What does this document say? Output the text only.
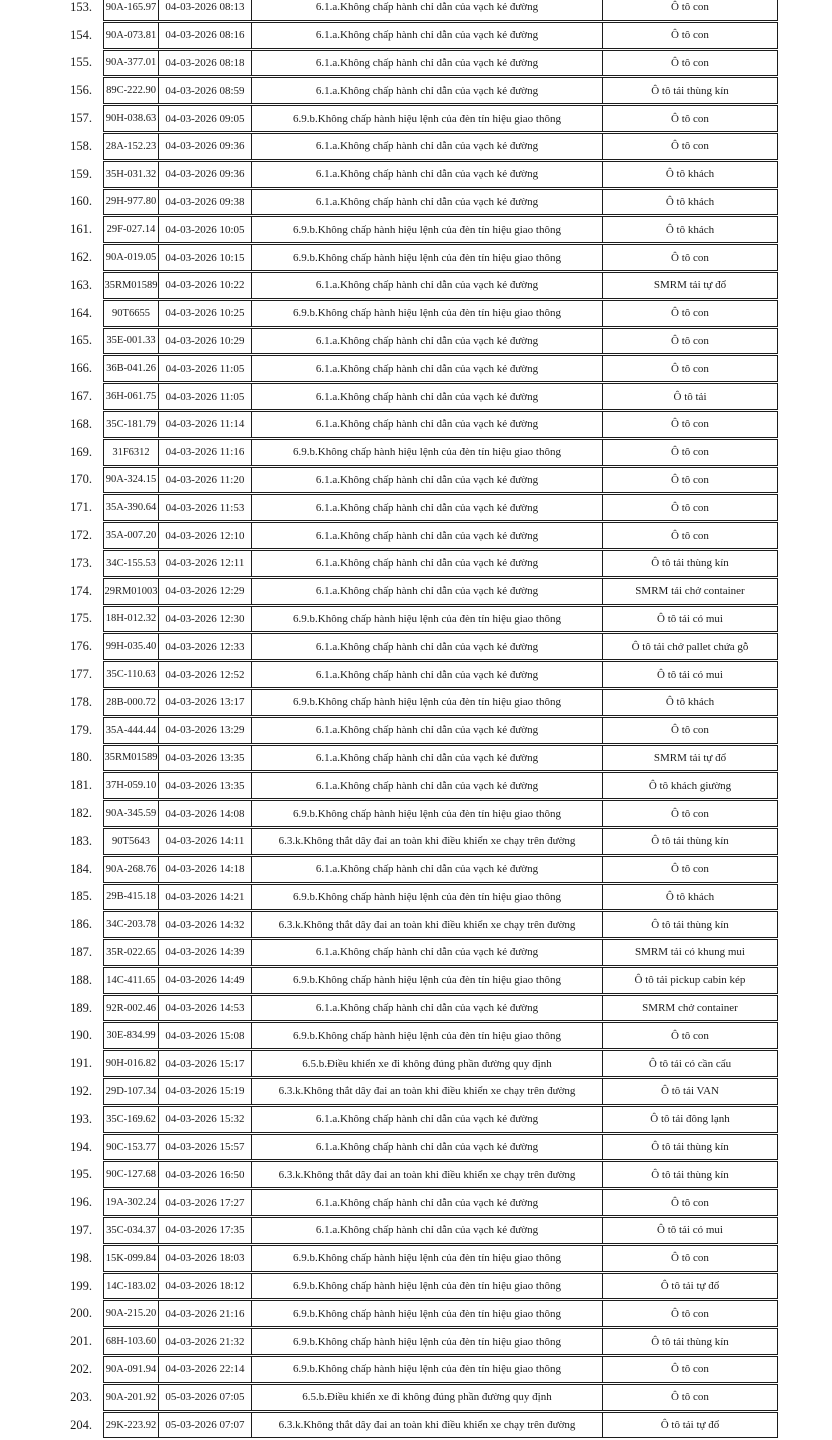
153.	90A-165.97 04-03-2026 08:13	6.1.a.Không chấp hành chỉ dẫn của vạch kẻ đường	Ô tô con
154.	90A-073.81 04-03-2026 08:16	6.1.a.Không chấp hành chỉ dẫn của vạch kẻ đường	Ô tô con
155.	90A-377.01 04-03-2026 08:18	6.1.a.Không chấp hành chỉ dẫn của vạch kẻ đường	Ô tô con
156.	89C-222.90 04-03-2026 08:59	6.1.a.Không chấp hành chỉ dẫn của vạch kẻ đường	Ô tô tải thùng kín
157.	90H-038.63 04-03-2026 09:05	6.9.b.Không chấp hành hiệu lệnh của đèn tín hiệu giao thông	Ô tô con
158.	28A-152.23 04-03-2026 09:36	6.1.a.Không chấp hành chỉ dẫn của vạch kẻ đường	Ô tô con
159.	35H-031.32 04-03-2026 09:36	6.1.a.Không chấp hành chỉ dẫn của vạch kẻ đường	Ô tô khách
160.	29H-977.80 04-03-2026 09:38	6.1.a.Không chấp hành chỉ dẫn của vạch kẻ đường	Ô tô khách
161.	29F-027.14 04-03-2026 10:05	6.9.b.Không chấp hành hiệu lệnh của đèn tín hiệu giao thông	Ô tô khách
162.	90A-019.05 04-03-2026 10:15	6.9.b.Không chấp hành hiệu lệnh của đèn tín hiệu giao thông	Ô tô con
163.	35RM01589 04-03-2026 10:22	6.1.a.Không chấp hành chỉ dẫn của vạch kẻ đường	SMRM tải tự đổ
164.	90T6655	04-03-2026 10:25	6.9.b.Không chấp hành hiệu lệnh của đèn tín hiệu giao thông	Ô tô con
165.	35E-001.33 04-03-2026 10:29	6.1.a.Không chấp hành chỉ dẫn của vạch kẻ đường	Ô tô con
166.	36B-041.26 04-03-2026 11:05	6.1.a.Không chấp hành chỉ dẫn của vạch kẻ đường	Ô tô con
167.	36H-061.75 04-03-2026 11:05	6.1.a.Không chấp hành chỉ dẫn của vạch kẻ đường	Ô tô tải
168.	35C-181.79 04-03-2026 11:14	6.1.a.Không chấp hành chỉ dẫn của vạch kẻ đường	Ô tô con
169.	31F6312	04-03-2026 11:16	6.9.b.Không chấp hành hiệu lệnh của đèn tín hiệu giao thông	Ô tô con
170.	90A-324.15 04-03-2026 11:20	6.1.a.Không chấp hành chỉ dẫn của vạch kẻ đường	Ô tô con
171.	35A-390.64 04-03-2026 11:53	6.1.a.Không chấp hành chỉ dẫn của vạch kẻ đường	Ô tô con
172.	35A-007.20 04-03-2026 12:10	6.1.a.Không chấp hành chỉ dẫn của vạch kẻ đường	Ô tô con
173.	34C-155.53 04-03-2026 12:11	6.1.a.Không chấp hành chỉ dẫn của vạch kẻ đường	Ô tô tải thùng kín
174.	29RM01003 04-03-2026 12:29	6.1.a.Không chấp hành chỉ dẫn của vạch kẻ đường	SMRM tải chở container
175.	18H-012.32 04-03-2026 12:30	6.9.b.Không chấp hành hiệu lệnh của đèn tín hiệu giao thông	Ô tô tải có mui
176.	99H-035.40 04-03-2026 12:33	6.1.a.Không chấp hành chỉ dẫn của vạch kẻ đường	Ô tô tải chở pallet chứa gỗ
177.	35C-110.63 04-03-2026 12:52	6.1.a.Không chấp hành chỉ dẫn của vạch kẻ đường	Ô tô tải có mui
178.	28B-000.72 04-03-2026 13:17	6.9.b.Không chấp hành hiệu lệnh của đèn tín hiệu giao thông	Ô tô khách
179.	35A-444.44 04-03-2026 13:29	6.1.a.Không chấp hành chỉ dẫn của vạch kẻ đường	Ô tô con
180.	35RM01589 04-03-2026 13:35	6.1.a.Không chấp hành chỉ dẫn của vạch kẻ đường	SMRM tải tự đổ
181.	37H-059.10 04-03-2026 13:35	6.1.a.Không chấp hành chỉ dẫn của vạch kẻ đường	Ô tô khách giường
182.	90A-345.59 04-03-2026 14:08	6.9.b.Không chấp hành hiệu lệnh của đèn tín hiệu giao thông	Ô tô con
183.	90T5643	04-03-2026 14:11	6.3.k.Không thắt dây đai an toàn khi điều khiển xe chạy trên đường	Ô tô tải thùng kín
184.	90A-268.76 04-03-2026 14:18	6.1.a.Không chấp hành chỉ dẫn của vạch kẻ đường	Ô tô con
185.	29B-415.18 04-03-2026 14:21	6.9.b.Không chấp hành hiệu lệnh của đèn tín hiệu giao thông	Ô tô khách
186.	34C-203.78 04-03-2026 14:32	6.3.k.Không thắt dây đai an toàn khi điều khiển xe chạy trên đường	Ô tô tải thùng kín
187.	35R-022.65 04-03-2026 14:39	6.1.a.Không chấp hành chỉ dẫn của vạch kẻ đường	SMRM tải có khung mui
188.	14C-411.65 04-03-2026 14:49	6.9.b.Không chấp hành hiệu lệnh của đèn tín hiệu giao thông	Ô tô tải pickup cabin kép
189.	92R-002.46 04-03-2026 14:53	6.1.a.Không chấp hành chỉ dẫn của vạch kẻ đường	SMRM chở container
190.	30E-834.99 04-03-2026 15:08	6.9.b.Không chấp hành hiệu lệnh của đèn tín hiệu giao thông	Ô tô con
191.	90H-016.82 04-03-2026 15:17	6.5.b.Điều khiển xe đi không đúng phần đường quy định	Ô tô tải có cần cẩu
192.	29D-107.34 04-03-2026 15:19	6.3.k.Không thắt dây đai an toàn khi điều khiển xe chạy trên đường	Ô tô tải VAN
193.	35C-169.62 04-03-2026 15:32	6.1.a.Không chấp hành chỉ dẫn của vạch kẻ đường	Ô tô tải đông lạnh
194.	90C-153.77 04-03-2026 15:57	6.1.a.Không chấp hành chỉ dẫn của vạch kẻ đường	Ô tô tải thùng kín
195.	90C-127.68 04-03-2026 16:50	6.3.k.Không thắt dây đai an toàn khi điều khiển xe chạy trên đường	Ô tô tải thùng kín
196.	19A-302.24 04-03-2026 17:27	6.1.a.Không chấp hành chỉ dẫn của vạch kẻ đường	Ô tô con
197.	35C-034.37 04-03-2026 17:35	6.1.a.Không chấp hành chỉ dẫn của vạch kẻ đường	Ô tô tải có mui
198.	15K-099.84 04-03-2026 18:03	6.9.b.Không chấp hành hiệu lệnh của đèn tín hiệu giao thông	Ô tô con
199.	14C-183.02 04-03-2026 18:12	6.9.b.Không chấp hành hiệu lệnh của đèn tín hiệu giao thông	Ô tô tải tự đổ
200.	90A-215.20 04-03-2026 21:16	6.9.b.Không chấp hành hiệu lệnh của đèn tín hiệu giao thông	Ô tô con
201.	68H-103.60 04-03-2026 21:32	6.9.b.Không chấp hành hiệu lệnh của đèn tín hiệu giao thông	Ô tô tải thùng kín
202.	90A-091.94 04-03-2026 22:14	6.9.b.Không chấp hành hiệu lệnh của đèn tín hiệu giao thông	Ô tô con
203.	90A-201.92 05-03-2026 07:05	6.5.b.Điều khiển xe đi không đúng phần đường quy định	Ô tô con
204.	29K-223.92 05-03-2026 07:07	6.3.k.Không thắt dây đai an toàn khi điều khiển xe chạy trên đường	Ô tô tải tự đổ
